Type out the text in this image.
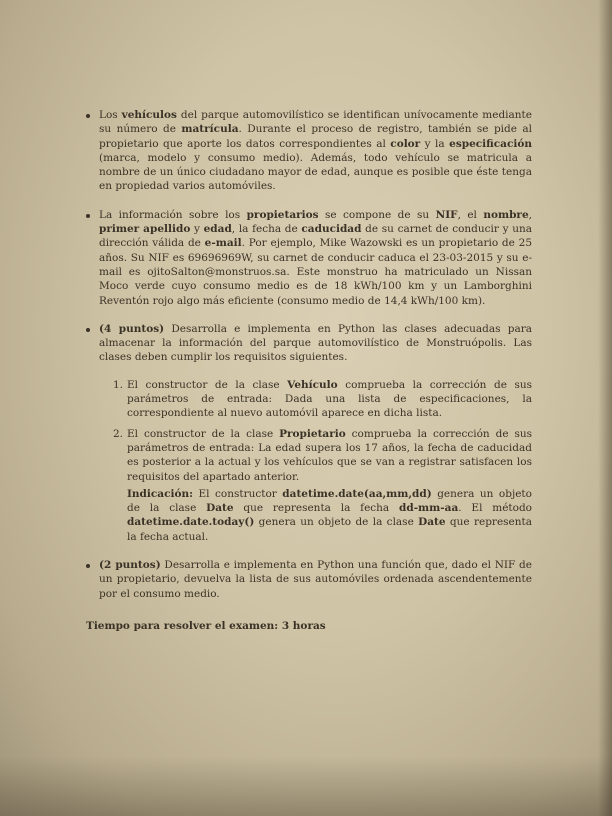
Los vehículos del parque automovilístico se identifican unívocamente mediante su número de matrícula. Durante el proceso de registro, también se pide al propietario que aporte los datos correspondientes al color y la especificación (marca, modelo y consumo medio). Además, todo vehículo se matricula a nombre de un único ciudadano mayor de edad, aunque es posible que éste tenga en propiedad varios automóviles.
La información sobre los propietarios se compone de su NIF, el nombre, primer apellido y edad, la fecha de caducidad de su carnet de conducir y una dirección válida de e-mail. Por ejemplo, Mike Wazowski es un propietario de 25 años. Su NIF es 69696969W, su carnet de conducir caduca el 23-03-2015 y su e-mail es ojitoSalton@monstruos.sa. Este monstruo ha matriculado un Nissan Moco verde cuyo consumo medio es de 18 kWh/100 km y un Lamborghini Reventón rojo algo más eficiente (consumo medio de 14,4 kWh/100 km).
(4 puntos) Desarrolla e implementa en Python las clases adecuadas para almacenar la información del parque automovilístico de Monstruópolis. Las clases deben cumplir los requisitos siguientes.
1. El constructor de la clase Vehículo comprueba la corrección de sus parámetros de entrada: Dada una lista de especificaciones, la correspondiente al nuevo automóvil aparece en dicha lista.
2. El constructor de la clase Propietario comprueba la corrección de sus parámetros de entrada: La edad supera los 17 años, la fecha de caducidad es posterior a la actual y los vehículos que se van a registrar satisfacen los requisitos del apartado anterior.
Indicación: El constructor datetime.date(aa,mm,dd) genera un objeto de la clase Date que representa la fecha dd-mm-aa. El método datetime.date.today() genera un objeto de la clase Date que representa la fecha actual.
(2 puntos) Desarrolla e implementa en Python una función que, dado el NIF de un propietario, devuelva la lista de sus automóviles ordenada ascendentemente por el consumo medio.
Tiempo para resolver el examen: 3 horas
